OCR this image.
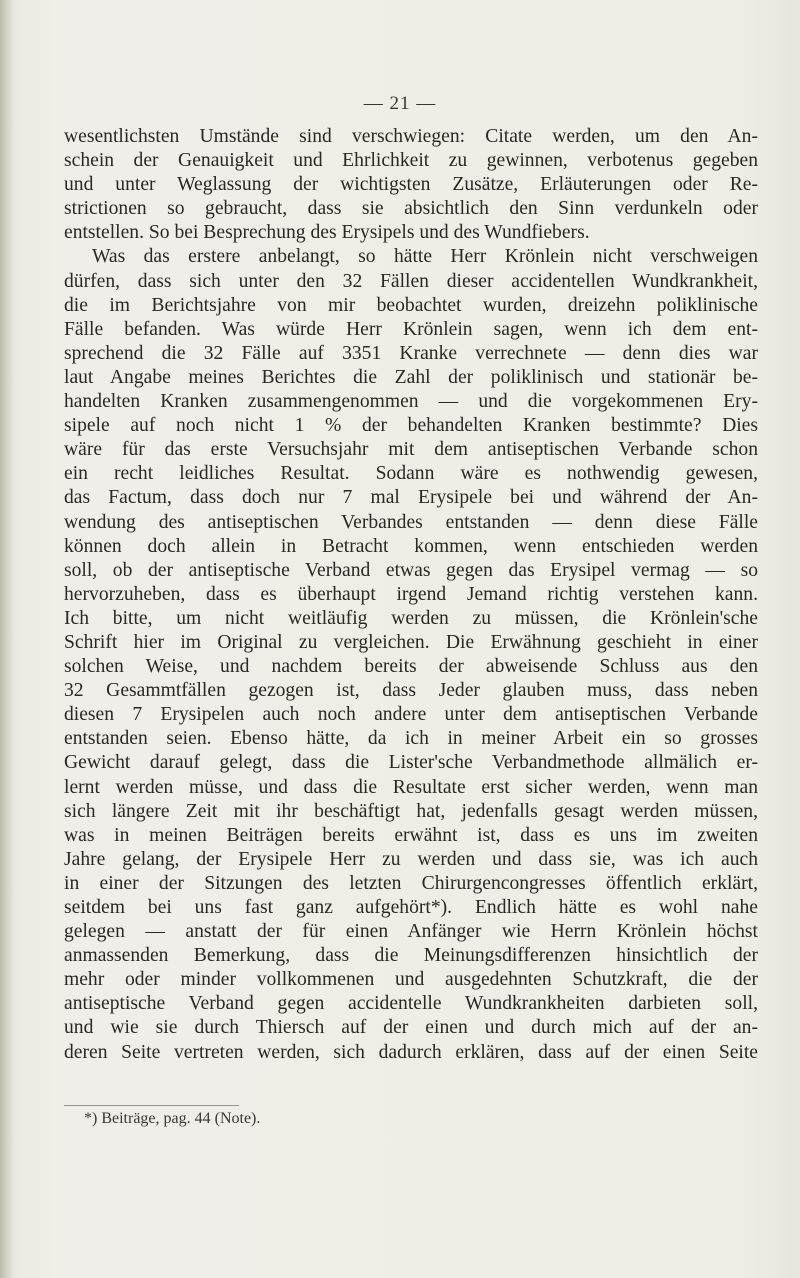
— 21 —
wesentlichsten Umstände sind verschwiegen: Citate werden, um den An-
schein der Genauigkeit und Ehrlichkeit zu gewinnen, verbotenus gegeben
und unter Weglassung der wichtigsten Zusätze, Erläuterungen oder Re-
strictionen so gebraucht, dass sie absichtlich den Sinn verdunkeln oder
entstellen. So bei Besprechung des Erysipels und des Wundfiebers.
Was das erstere anbelangt, so hätte Herr Krönlein nicht verschweigen
dürfen, dass sich unter den 32 Fällen dieser accidentellen Wundkrankheit,
die im Berichtsjahre von mir beobachtet wurden, dreizehn poliklinische
Fälle befanden. Was würde Herr Krönlein sagen, wenn ich dem ent-
sprechend die 32 Fälle auf 3351 Kranke verrechnete — denn dies war
laut Angabe meines Berichtes die Zahl der poliklinisch und stationär be-
handelten Kranken zusammengenommen — und die vorgekommenen Ery-
sipele auf noch nicht 1 % der behandelten Kranken bestimmte? Dies
wäre für das erste Versuchsjahr mit dem antiseptischen Verbande schon
ein recht leidliches Resultat. Sodann wäre es nothwendig gewesen,
das Factum, dass doch nur 7 mal Erysipele bei und während der An-
wendung des antiseptischen Verbandes entstanden — denn diese Fälle
können doch allein in Betracht kommen, wenn entschieden werden
soll, ob der antiseptische Verband etwas gegen das Erysipel vermag — so
hervorzuheben, dass es überhaupt irgend Jemand richtig verstehen kann.
Ich bitte, um nicht weitläufig werden zu müssen, die Krönlein'sche
Schrift hier im Original zu vergleichen. Die Erwähnung geschieht in einer
solchen Weise, und nachdem bereits der abweisende Schluss aus den
32 Gesammtfällen gezogen ist, dass Jeder glauben muss, dass neben
diesen 7 Erysipelen auch noch andere unter dem antiseptischen Verbande
entstanden seien. Ebenso hätte, da ich in meiner Arbeit ein so grosses
Gewicht darauf gelegt, dass die Lister'sche Verbandmethode allmälich er-
lernt werden müsse, und dass die Resultate erst sicher werden, wenn man
sich längere Zeit mit ihr beschäftigt hat, jedenfalls gesagt werden müssen,
was in meinen Beiträgen bereits erwähnt ist, dass es uns im zweiten
Jahre gelang, der Erysipele Herr zu werden und dass sie, was ich auch
in einer der Sitzungen des letzten Chirurgencongresses öffentlich erklärt,
seitdem bei uns fast ganz aufgehört*). Endlich hätte es wohl nahe
gelegen — anstatt der für einen Anfänger wie Herrn Krönlein höchst
anmassenden Bemerkung, dass die Meinungsdifferenzen hinsichtlich der
mehr oder minder vollkommenen und ausgedehnten Schutzkraft, die der
antiseptische Verband gegen accidentelle Wundkrankheiten darbieten soll,
und wie sie durch Thiersch auf der einen und durch mich auf der an-
deren Seite vertreten werden, sich dadurch erklären, dass auf der einen Seite
*) Beiträge, pag. 44 (Note).
